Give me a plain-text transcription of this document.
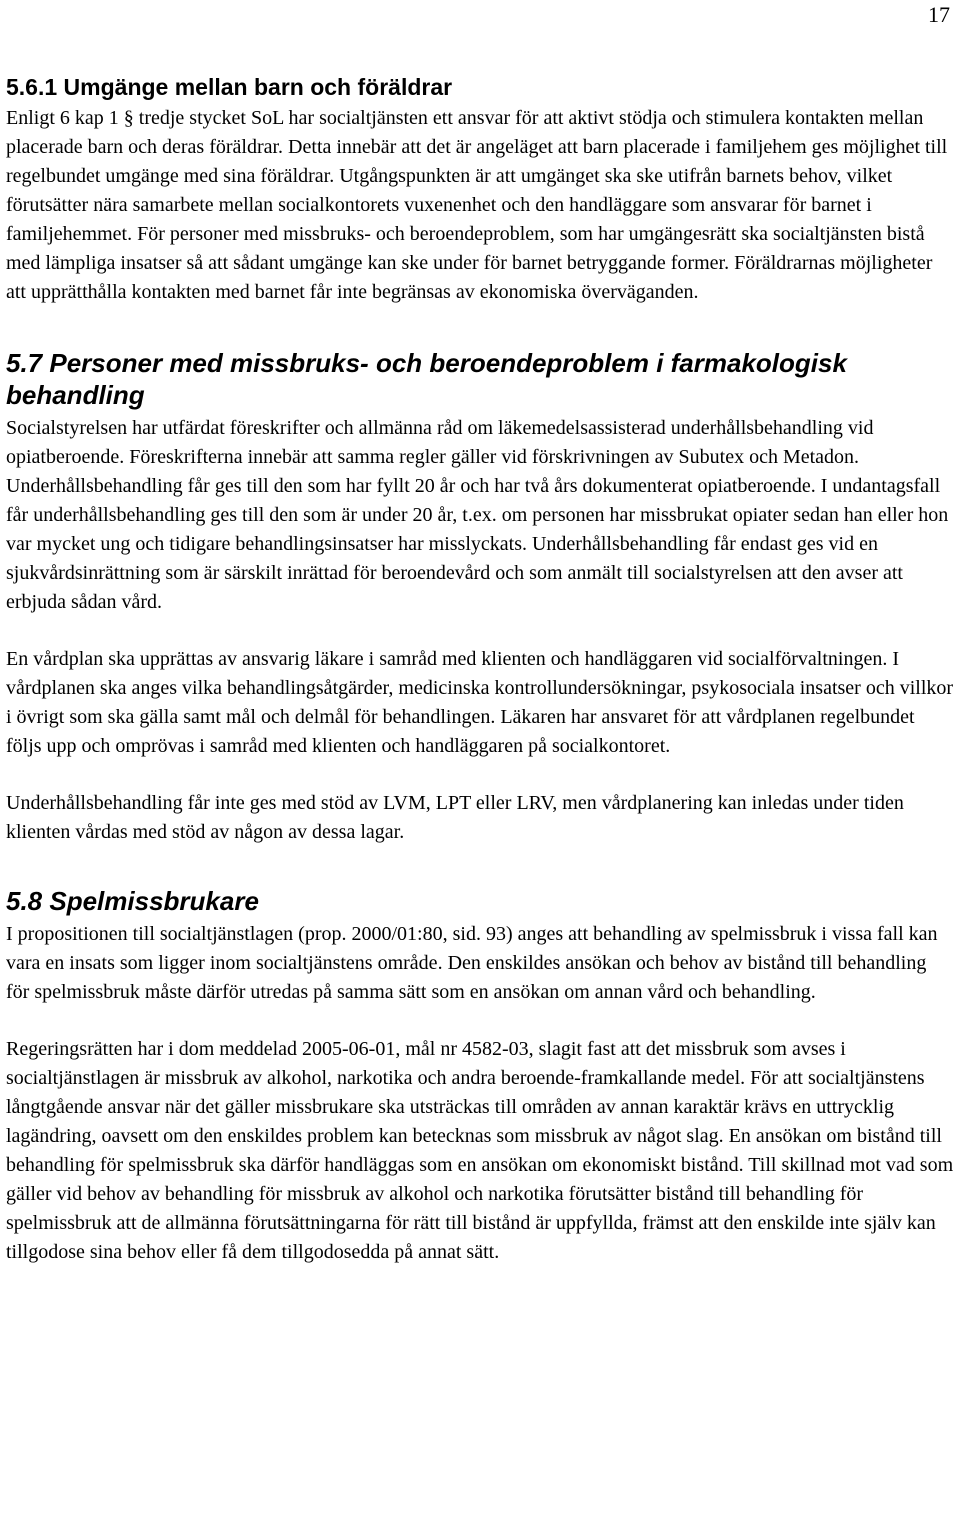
17
5.6.1 Umgänge mellan barn och föräldrar

Enligt 6 kap 1 § tredje stycket SoL har socialtjänsten ett ansvar för att aktivt stödja och stimulera kontakten mellan placerade barn och deras föräldrar. Detta innebär att det är angeläget att barn placerade i familjehem ges möjlighet till regelbundet umgänge med sina föräldrar. Utgångspunkten är att umgänget ska ske utifrån barnets behov, vilket förutsätter nära samarbete mellan socialkontorets vuxenenhet och den handläggare som ansvarar för barnet i familjehemmet. För personer med missbruks- och beroendeproblem, som har umgängesrätt ska socialtjänsten bistå med lämpliga insatser så att sådant umgänge kan ske under för barnet betryggande former. Föräldrarnas möjligheter att upprätthålla kontakten med barnet får inte begränsas av ekonomiska överväganden.

5.7 Personer med missbruks- och beroendeproblem i farmakologisk behandling

Socialstyrelsen har utfärdat föreskrifter och allmänna råd om läkemedelsassisterad underhållsbehandling vid opiatberoende. Föreskrifterna innebär att samma regler gäller vid förskrivningen av Subutex och Metadon. Underhållsbehandling får ges till den som har fyllt 20 år och har två års dokumenterat opiatberoende. I undantagsfall får underhållsbehandling ges till den som är under 20 år, t.ex. om personen har missbrukat opiater sedan han eller hon var mycket ung och tidigare behandlingsinsatser har misslyckats. Underhållsbehandling får endast ges vid en sjukvårdsinrättning som är särskilt inrättad för beroendevård och som anmält till socialstyrelsen att den avser att erbjuda sådan vård.

En vårdplan ska upprättas av ansvarig läkare i samråd med klienten och handläggaren vid socialförvaltningen. I vårdplanen ska anges vilka behandlingsåtgärder, medicinska kontrollundersökningar, psykosociala insatser och villkor i övrigt som ska gälla samt mål och delmål för behandlingen. Läkaren har ansvaret för att vårdplanen regelbundet följs upp och omprövas i samråd med klienten och handläggaren på socialkontoret.

Underhållsbehandling får inte ges med stöd av LVM, LPT eller LRV, men vårdplanering kan inledas under tiden klienten vårdas med stöd av någon av dessa lagar.

5.8 Spelmissbrukare

I propositionen till socialtjänstlagen (prop. 2000/01:80, sid. 93) anges att behandling av spelmissbruk i vissa fall kan vara en insats som ligger inom socialtjänstens område. Den enskildes ansökan och behov av bistånd till behandling för spelmissbruk måste därför utredas på samma sätt som en ansökan om annan vård och behandling.

Regeringsrätten har i dom meddelad 2005-06-01, mål nr 4582-03, slagit fast att det missbruk som avses i socialtjänstlagen är missbruk av alkohol, narkotika och andra beroende-framkallande medel. För att socialtjänstens långtgående ansvar när det gäller missbrukare ska utsträckas till områden av annan karaktär krävs en uttrycklig lagändring, oavsett om den enskildes problem kan betecknas som missbruk av något slag. En ansökan om bistånd till behandling för spelmissbruk ska därför handläggas som en ansökan om ekonomiskt bistånd. Till skillnad mot vad som gäller vid behov av behandling för missbruk av alkohol och narkotika förutsätter bistånd till behandling för spelmissbruk att de allmänna förutsättningarna för rätt till bistånd är uppfyllda, främst att den enskilde inte själv kan tillgodose sina behov eller få dem tillgodosedda på annat sätt.
